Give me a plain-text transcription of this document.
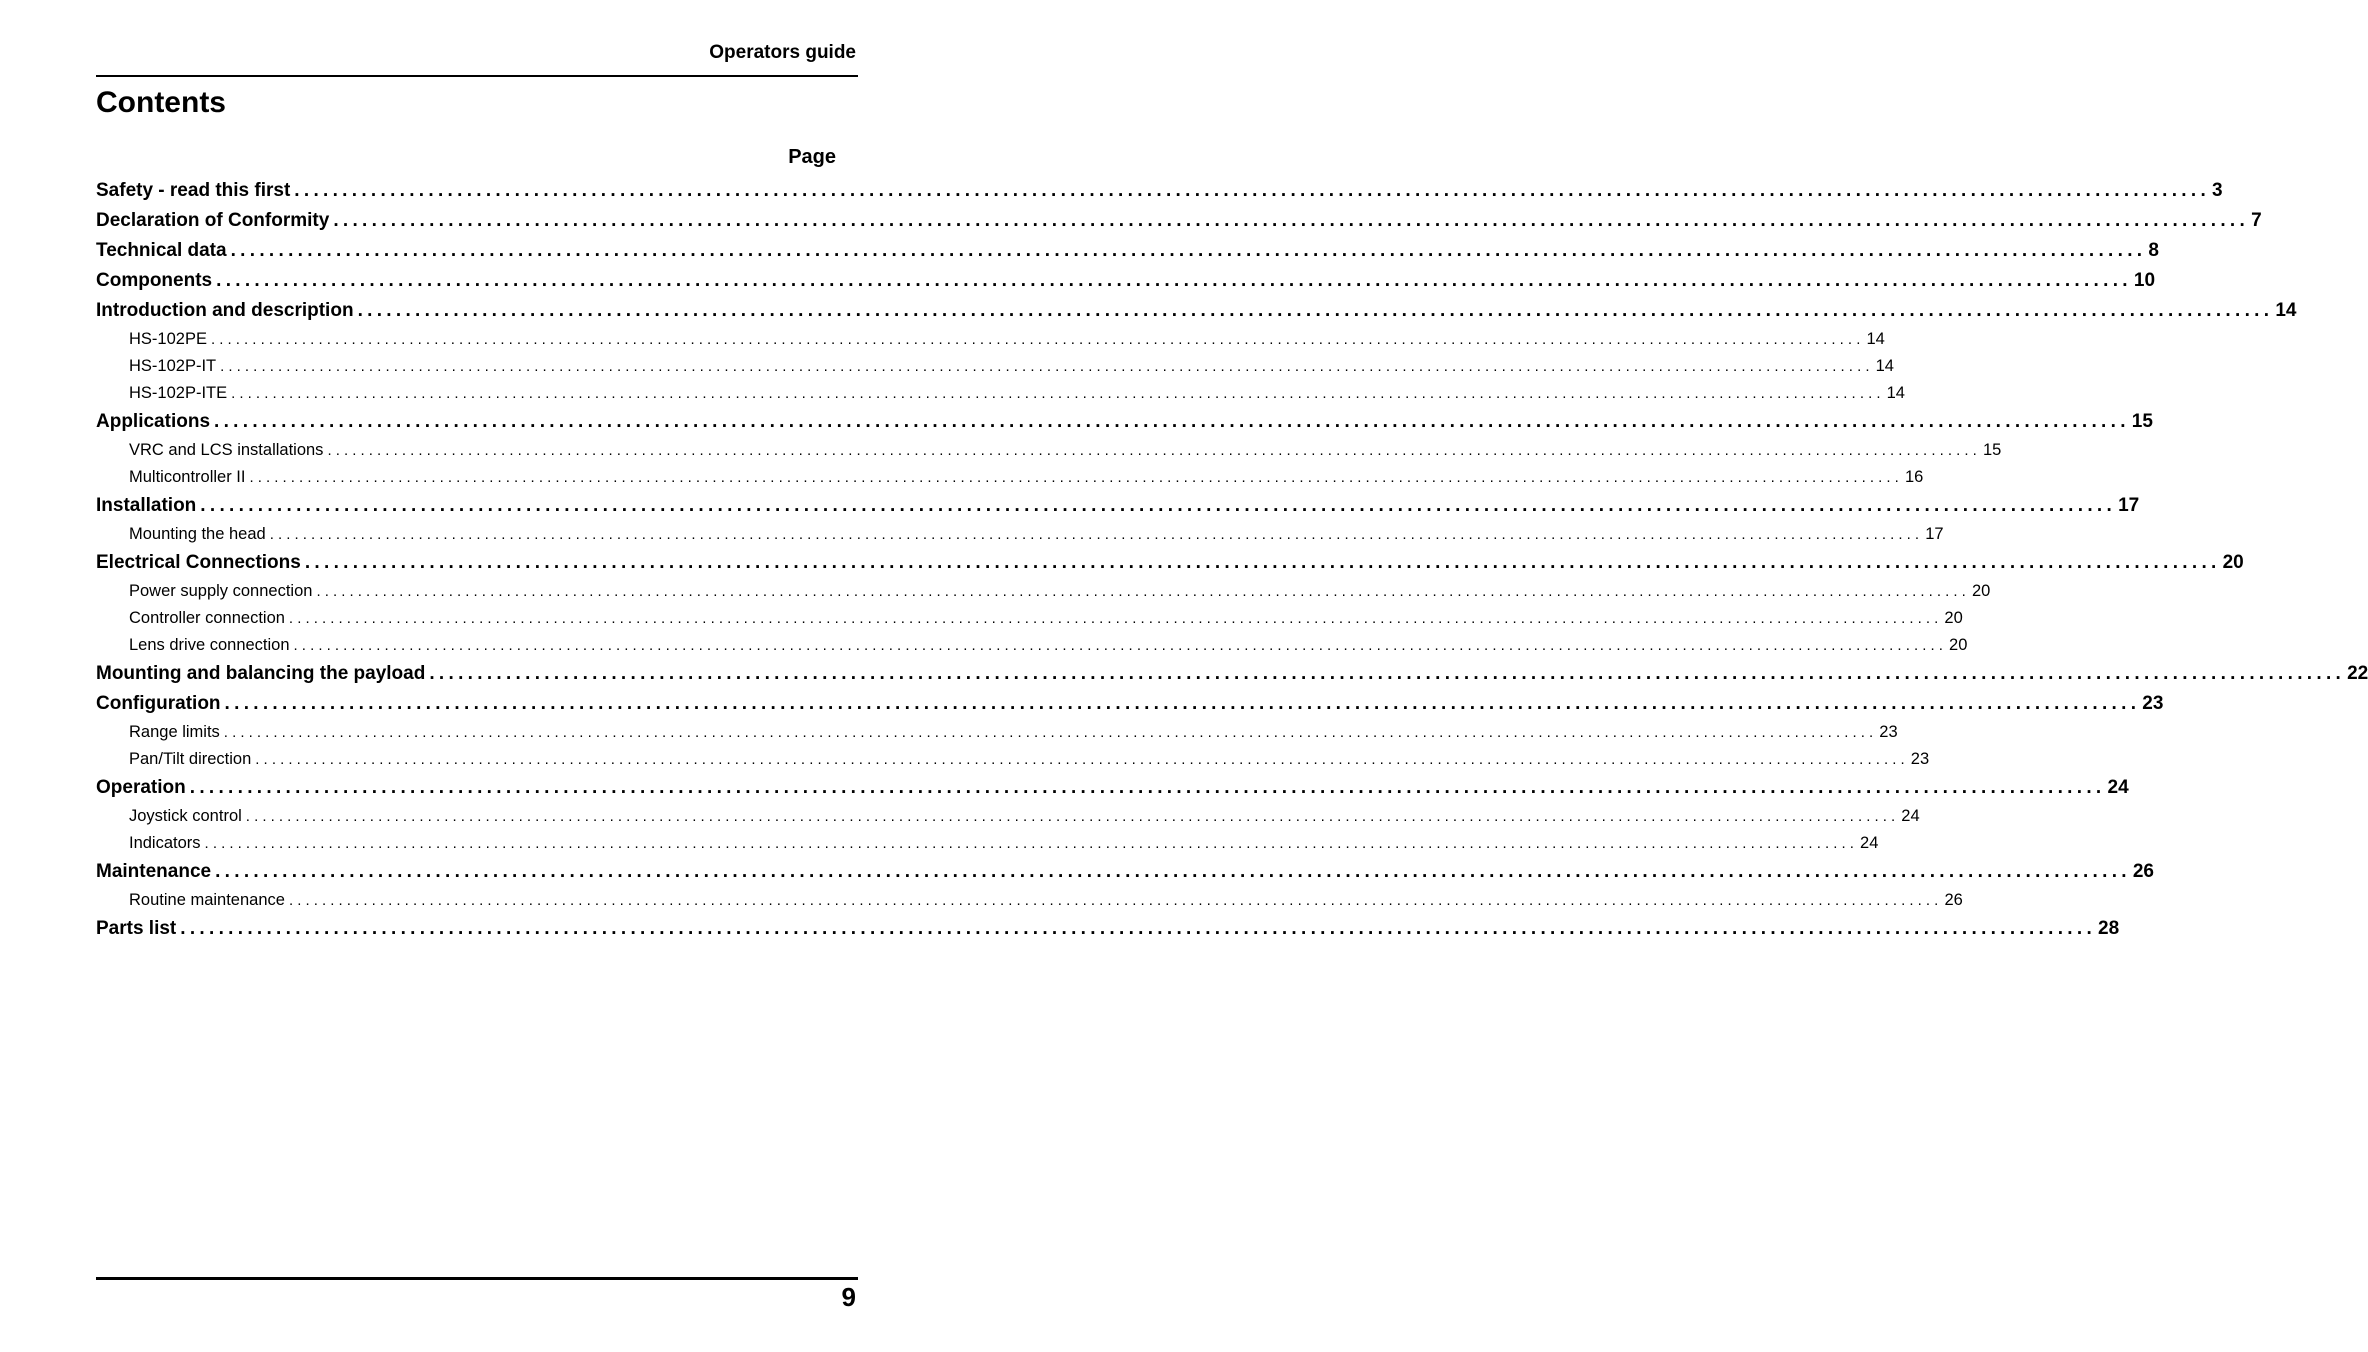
Operators guide
Contents
Page
Safety - read this first ........................................................................................................................................................................................................ 3
Declaration of Conformity ........................................................................................................................................................................................................ 7
Technical data ........................................................................................................................................................................................................ 8
Components ........................................................................................................................................................................................................ 10
Introduction and description ........................................................................................................................................................................................................ 14
HS-102PE ........................................................................................................................................................................................................ 14
HS-102P-IT ........................................................................................................................................................................................................ 14
HS-102P-ITE ........................................................................................................................................................................................................ 14
Applications ........................................................................................................................................................................................................ 15
VRC and LCS installations ........................................................................................................................................................................................................ 15
Multicontroller II ........................................................................................................................................................................................................ 16
Installation ........................................................................................................................................................................................................ 17
Mounting the head ........................................................................................................................................................................................................ 17
Electrical Connections ........................................................................................................................................................................................................ 20
Power supply connection ........................................................................................................................................................................................................ 20
Controller connection ........................................................................................................................................................................................................ 20
Lens drive connection ........................................................................................................................................................................................................ 20
Mounting and balancing the payload ........................................................................................................................................................................................................ 22
Configuration ........................................................................................................................................................................................................ 23
Range limits ........................................................................................................................................................................................................ 23
Pan/Tilt direction ........................................................................................................................................................................................................ 23
Operation ........................................................................................................................................................................................................ 24
Joystick control ........................................................................................................................................................................................................ 24
Indicators ........................................................................................................................................................................................................ 24
Maintenance ........................................................................................................................................................................................................ 26
Routine maintenance ........................................................................................................................................................................................................ 26
Parts list ........................................................................................................................................................................................................ 28
9
